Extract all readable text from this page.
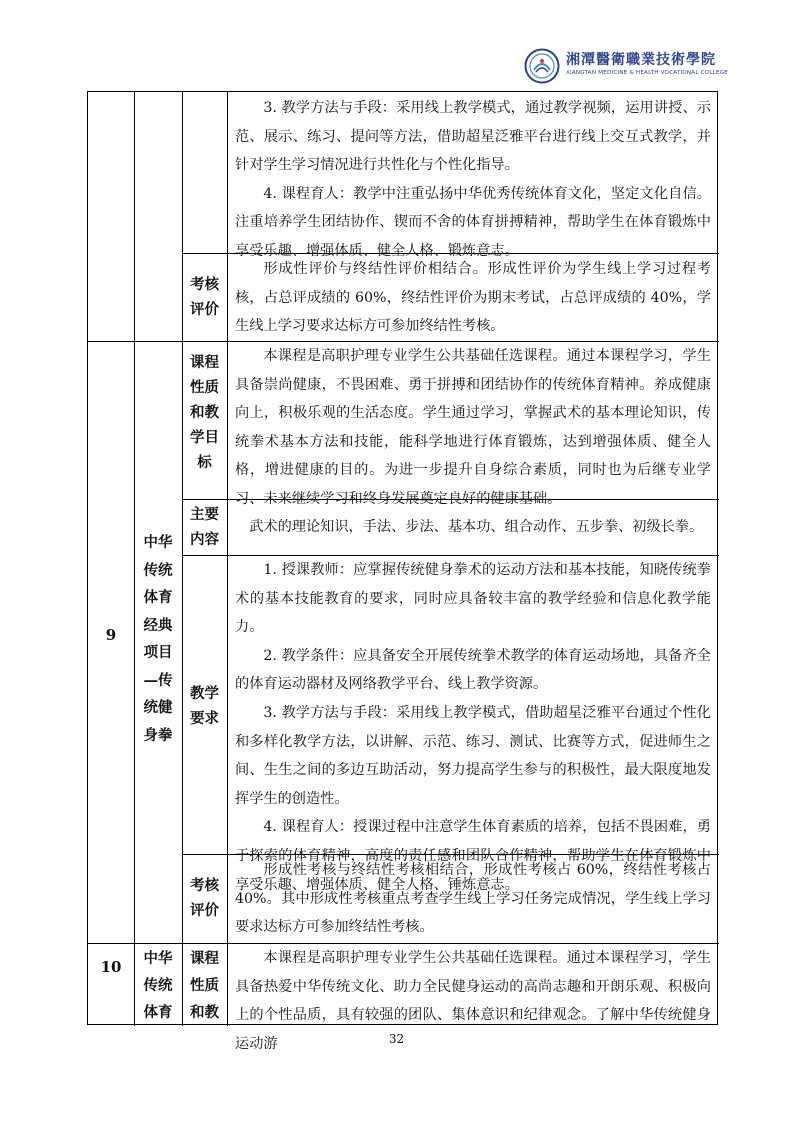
湘潭醫衛職業技術學院
XIANGTAN MEDICINE & HEALTH VOCATIONAL COLLEGE
3. 教学方法与手段：采用线上教学模式，通过教学视频，运用讲授、示范、展示、练习、提问等方法，借助超星泛雅平台进行线上交互式教学，并针对学生学习情况进行共性化与个性化指导。
4. 课程育人：教学中注重弘扬中华优秀传统体育文化，坚定文化自信。注重培养学生团结协作、锲而不舍的体育拼搏精神，帮助学生在体育锻炼中享受乐趣、增强体质、健全人格、锻炼意志。
考核评价
形成性评价与终结性评价相结合。形成性评价为学生线上学习过程考核，占总评成绩的 60%，终结性评价为期末考试，占总评成绩的 40%，学生线上学习要求达标方可参加终结性考核。
9
中华传统体育经典项目—传统健身拳
课程性质和教学目标
本课程是高职护理专业学生公共基础任选课程。通过本课程学习，学生具备崇尚健康，不畏困难、勇于拼搏和团结协作的传统体育精神。养成健康向上，积极乐观的生活态度。学生通过学习，掌握武术的基本理论知识，传统拳术基本方法和技能，能科学地进行体育锻炼，达到增强体质、健全人格，增进健康的目的。为进一步提升自身综合素质，同时也为后继专业学习、未来继续学习和终身发展奠定良好的健康基础。
主要内容
武术的理论知识，手法、步法、基本功、组合动作、五步拳、初级长拳。
教学要求
1. 授课教师：应掌握传统健身拳术的运动方法和基本技能，知晓传统拳术的基本技能教育的要求，同时应具备较丰富的教学经验和信息化教学能力。
2. 教学条件：应具备安全开展传统拳术教学的体育运动场地，具备齐全的体育运动器材及网络教学平台、线上教学资源。
3. 教学方法与手段：采用线上教学模式，借助超星泛雅平台通过个性化和多样化教学方法，以讲解、示范、练习、测试、比赛等方式，促进师生之间、生生之间的多边互助活动，努力提高学生参与的积极性，最大限度地发挥学生的创造性。
4. 课程育人：授课过程中注意学生体育素质的培养，包括不畏困难，勇于探索的体育精神，高度的责任感和团队合作精神，帮助学生在体育锻炼中享受乐趣、增强体质、健全人格、锤炼意志。
考核评价
形成性考核与终结性考核相结合，形成性考核占 60%，终结性考核占 40%。其中形成性考核重点考查学生线上学习任务完成情况，学生线上学习要求达标方可参加终结性考核。
10	中华传统体育
课程性质和教
本课程是高职护理专业学生公共基础任选课程。通过本课程学习，学生具备热爱中华传统文化、助力全民健身运动的高尚志趣和开朗乐观、积极向上的个性品质，具有较强的团队、集体意识和纪律观念。了解中华传统健身运动游	32
